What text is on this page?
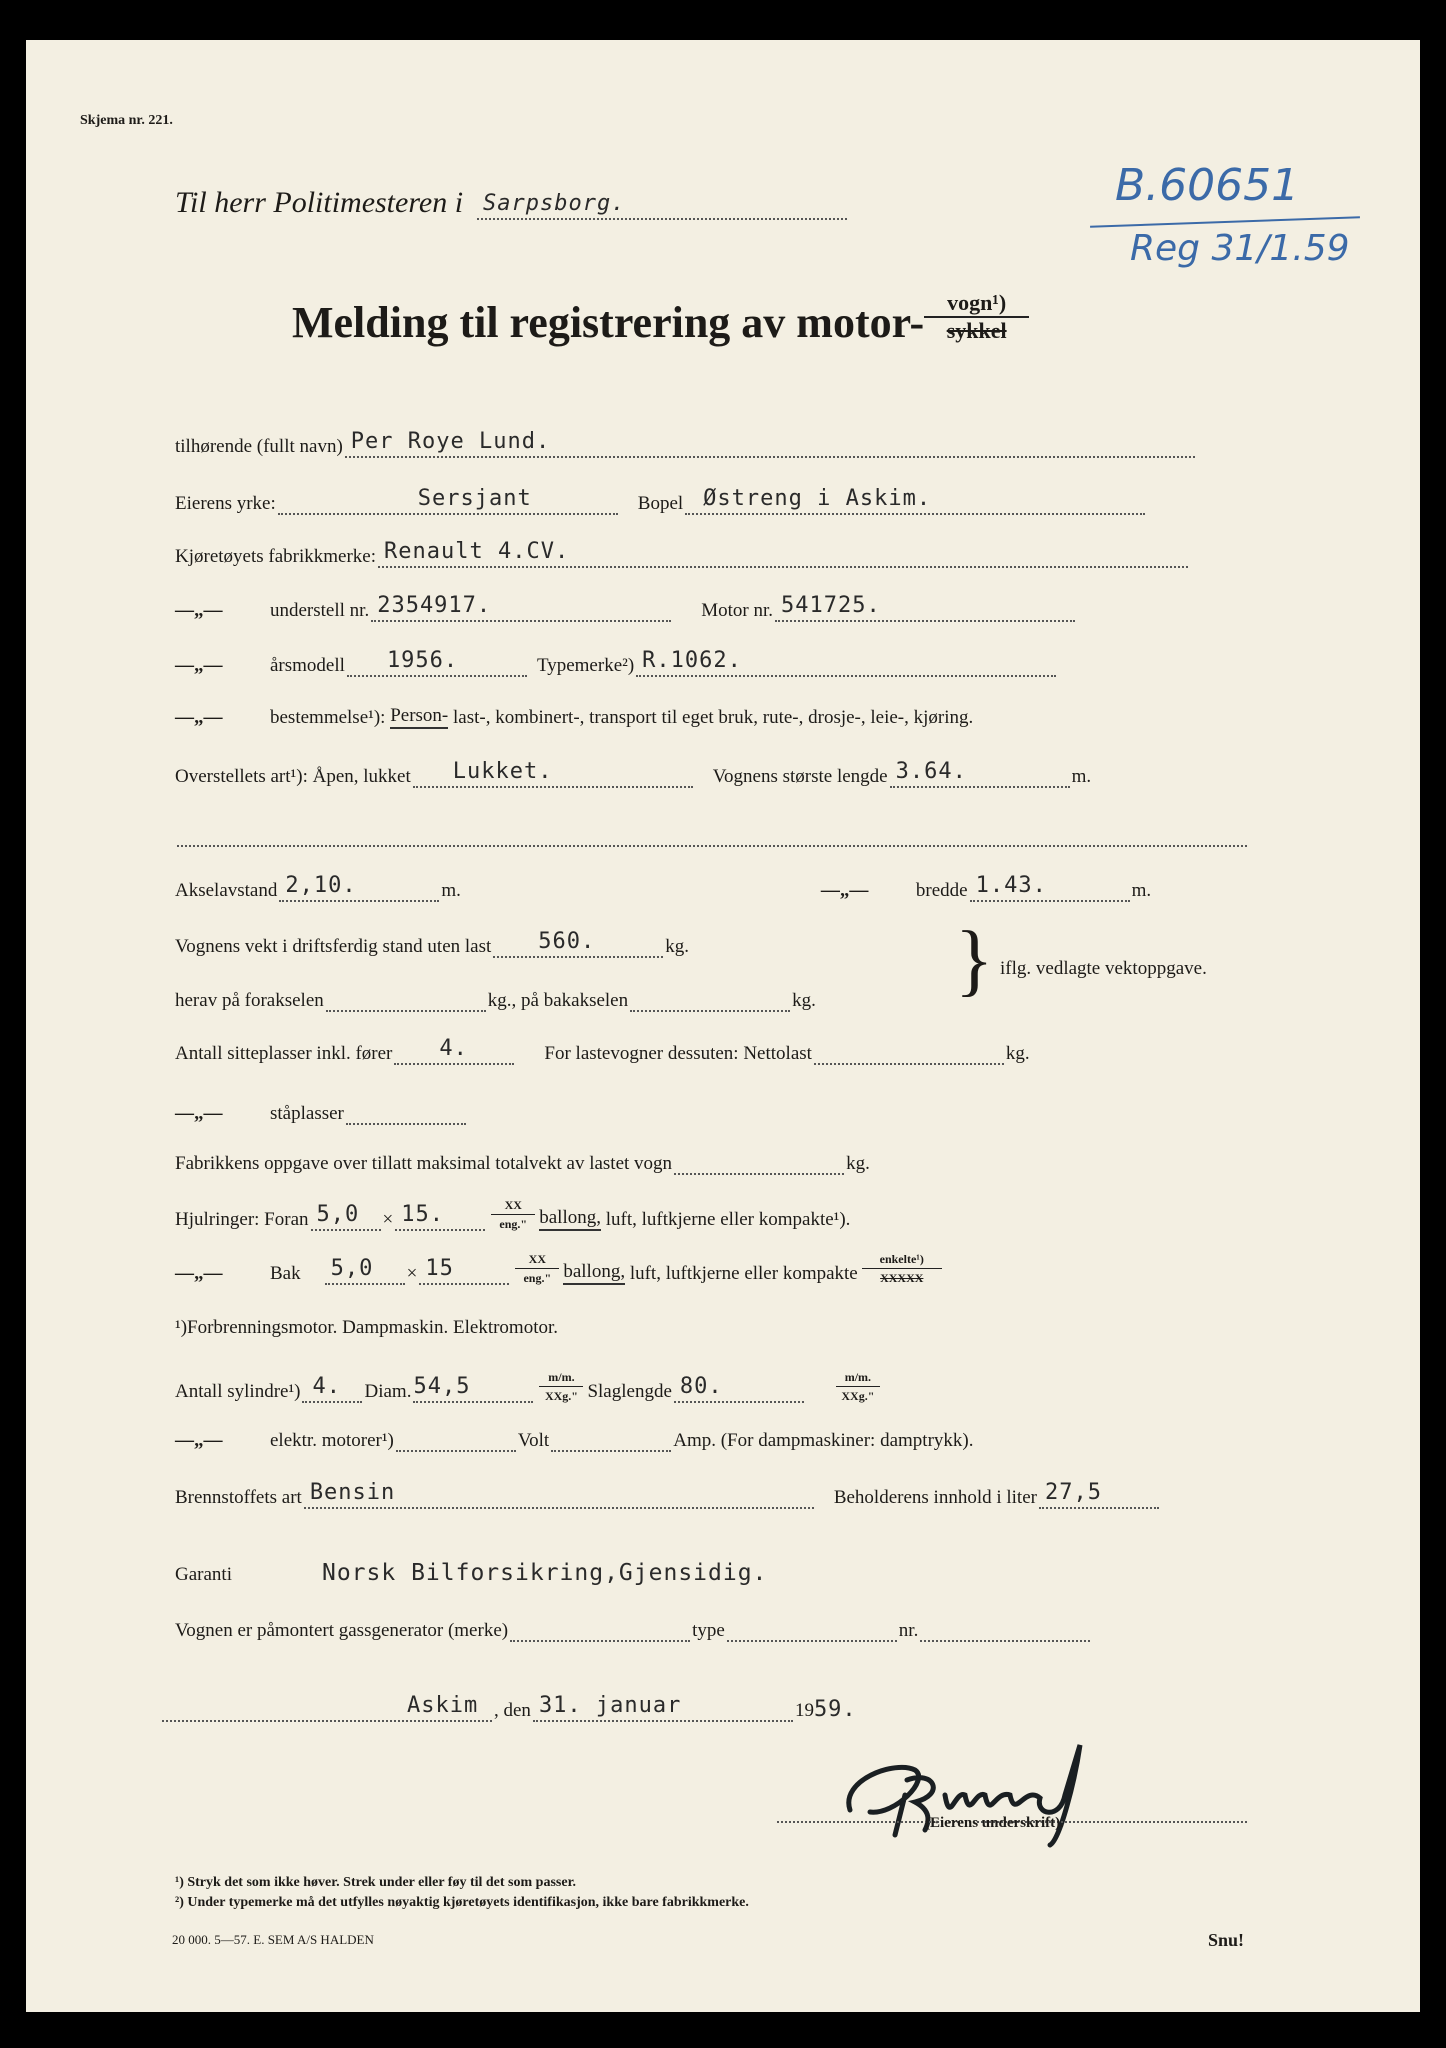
Skjema nr. 221.
Til herr Politimesteren i Sarpsborg.	B.60651
Reg 31/1.59
Melding til registrering av motor- vogn¹)
sykkel
tilhørende (fullt navn) Per Roye Lund.
Eierens yrke:	Sersjant	Bopel Østreng i Askim.
Kjøretøyets fabrikkmerke: Renault 4.CV.
—„—	understell nr. 2354917.	Motor nr. 541725.
—„—	årsmodell 1956.	Typemerke²) R.1062.
—„—	bestemmelse¹):
Person-
last-, kombinert-, transport til eget bruk, rute-, drosje-, leie-, kjøring.
Overstellets art¹): Åpen, lukket Lukket.	Vognens største lengde 3.64.	m.
Akselavstand 2,10.	m.	—„—	bredde 1.43.	m.
Vognens vekt i driftsferdig stand uten last 560.	kg.
herav på forakselen	kg., på bakakselen	kg. } iflg. vedlagte vektoppgave.
Antall sitteplasser inkl. fører 4.	For lastevogner dessuten: Nettolast	kg.
—„—	ståplasser
Fabrikkens oppgave over tillatt maksimal totalvekt av lastet vogn	kg.
Hjulringer: Foran 5,0 × 15.	$\frac{XX}{\text{eng."}}$ ballong,
luft, luftkjerne eller kompakte¹).
—„—	Bak 5,0 × 15	$\frac{XX}{\text{eng."}}$ ballong,
luft, luftkjerne eller kompakte $\frac{\text{enkelte¹)}}{\text{XXXXX}}$
¹)Forbrenningsmotor. Dampmaskin. Elektromotor.
Antall sylindre¹) 4. Diam. 54,5	$\frac{m/m.}{\text{XXg."}}$ Slaglengde 80.	$\frac{m/m.}{\text{XXg."}}$
—„—	elektr. motorer¹)	Volt	Amp. (For dampmaskiner: damptrykk).
Brennstoffets art Bensin	Beholderens innhold i liter 27,5
Garanti	Norsk Bilforsikring,Gjensidig.
Vognen er påmontert gassgenerator (merke)	type	nr.
Askim , den 31. januar	19 59.
(Eierens underskrift).
¹) Stryk det som ikke høver. Strek under eller føy til det som passer.
²) Under typemerke må det utfylles nøyaktig kjøretøyets identifikasjon, ikke bare fabrikkmerke.
20 000. 5—57. E. SEM A/S HALDEN	Snu!
